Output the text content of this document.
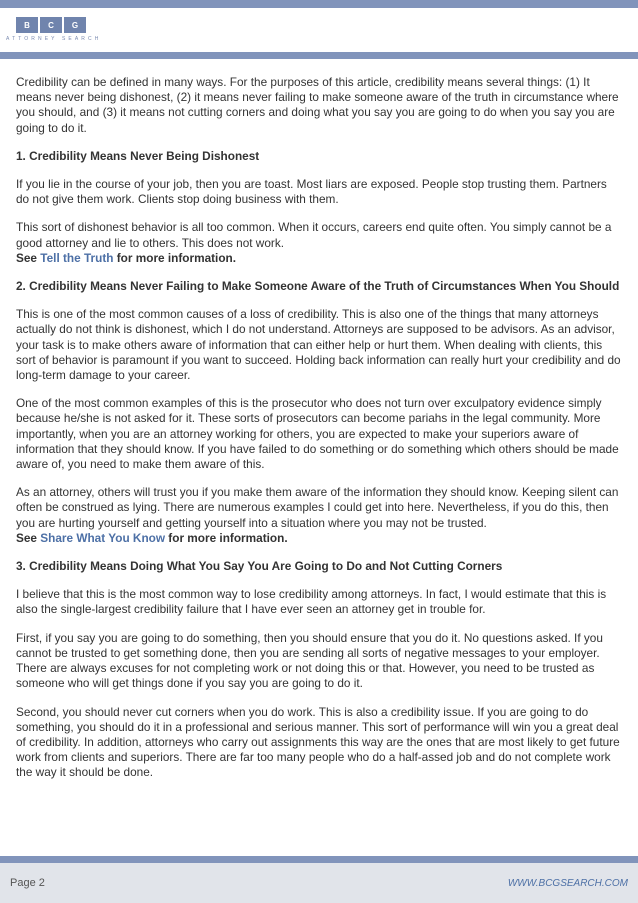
B	C	G
ATTORNEY SEARCH

Credibility can be defined in many ways. For the purposes of this article, credibility means several things: (1) It means never being dishonest, (2) it means never failing to make someone aware of the truth in circumstance where you should, and (3) it means not cutting corners and doing what you say you are going to do when you say you are going to do it.

1. Credibility Means Never Being Dishonest

If you lie in the course of your job, then you are toast. Most liars are exposed. People stop trusting them. Partners do not give them work. Clients stop doing business with them.

This sort of dishonest behavior is all too common. When it occurs, careers end quite often. You simply cannot be a good attorney and lie to others. This does not work.
See Tell the Truth for more information.

2. Credibility Means Never Failing to Make Someone Aware of the Truth of Circumstances When You Should

This is one of the most common causes of a loss of credibility. This is also one of the things that many attorneys actually do not think is dishonest, which I do not understand. Attorneys are supposed to be advisors. As an advisor, your task is to make others aware of information that can either help or hurt them. When dealing with clients, this sort of behavior is paramount if you want to succeed. Holding back information can really hurt your credibility and do long-term damage to your career.

One of the most common examples of this is the prosecutor who does not turn over exculpatory evidence simply because he/she is not asked for it. These sorts of prosecutors can become pariahs in the legal community. More importantly, when you are an attorney working for others, you are expected to make your superiors aware of information that they should know. If you have failed to do something or do something which others should be made aware of, you need to make them aware of this.

As an attorney, others will trust you if you make them aware of the information they should know. Keeping silent can often be construed as lying. There are numerous examples I could get into here. Nevertheless, if you do this, then you are hurting yourself and getting yourself into a situation where you may not be trusted.
See Share What You Know for more information.

3. Credibility Means Doing What You Say You Are Going to Do and Not Cutting Corners

I believe that this is the most common way to lose credibility among attorneys. In fact, I would estimate that this is also the single-largest credibility failure that I have ever seen an attorney get in trouble for.

First, if you say you are going to do something, then you should ensure that you do it. No questions asked. If you cannot be trusted to get something done, then you are sending all sorts of negative messages to your employer. There are always excuses for not completing work or not doing this or that. However, you need to be trusted as someone who will get things done if you say you are going to do it.

Second, you should never cut corners when you do work. This is also a credibility issue. If you are going to do something, you should do it in a professional and serious manner. This sort of performance will win you a great deal of credibility. In addition, attorneys who carry out assignments this way are the ones that are most likely to get future work from clients and superiors. There are far too many people who do a half-assed job and do not complete work the way it should be done.

Page 2	WWW.BCGSEARCH.COM
